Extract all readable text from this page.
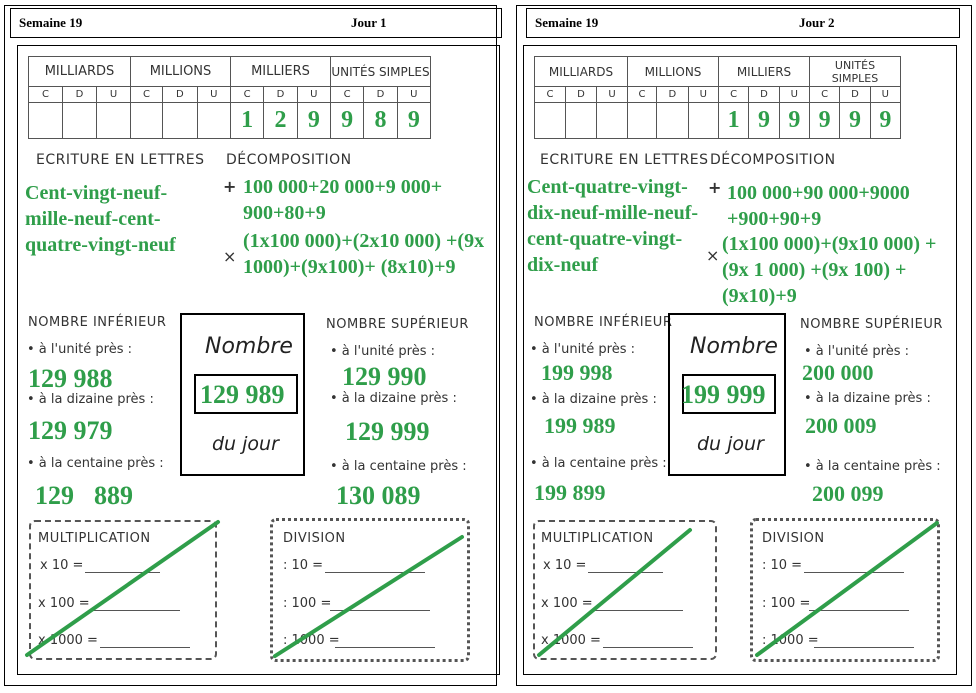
Semaine 19	Jour 1
MILLIARDS			MILLIONS			MILLIERS			UNITÉS SIMPLES		
C	D	U	C	D	U	C	D	U	C	D	U
						1	2	9	9	8	9
ECRITURE EN LETTRES DÉCOMPOSITION
Cent-vingt-neuf-mille-neuf-cent-quatre-vingt-neuf
+ 100 000+20 000+9 000+ 900+80+9
×
(1x100 000)+(2x10 000) +(9x 1000)+(9x100)+ (8x10)+9
NOMBRE INFÉRIEUR
• à l'unité près :
129 988
• à la dizaine près :
129 979
• à la centaine près :
129 889
Nombre
129 989
du jour
NOMBRE SUPÉRIEUR
• à l'unité près :
129 990
• à la dizaine près :
129 999
• à la centaine près :
130 089
MULTIPLICATION
x 10 =
x 100 =
x 1000 =
DIVISION
: 10 =
: 100 =
: 1000 =
Semaine 19	Jour 2
MILLIARDS			MILLIONS			MILLIERS			UNITÉS SIMPLES		
C	D	U	C	D	U	C	D	U	C	D	U
						1	9	9	9	9	9
ECRITURE EN LETTRES DÉCOMPOSITION
Cent-quatre-vingt-dix-neuf-mille-neuf-cent-quatre-vingt-dix-neuf
+ 100 000+90 000+9000 +900+90+9
×
(1x100 000)+(9x10 000) + (9x 1 000) +(9x 100) +(9x10)+9
NOMBRE INFÉRIEUR
• à l'unité près :
199 998
• à la dizaine près :
199 989
• à la centaine près :
199 899
Nombre
199 999
du jour
NOMBRE SUPÉRIEUR
• à l'unité près :
200 000
• à la dizaine près :
200 009
• à la centaine près :
200 099
MULTIPLICATION
x 10 =
x 100 =
x 1000 =
DIVISION
: 10 =
: 100 =
: 1000 =
